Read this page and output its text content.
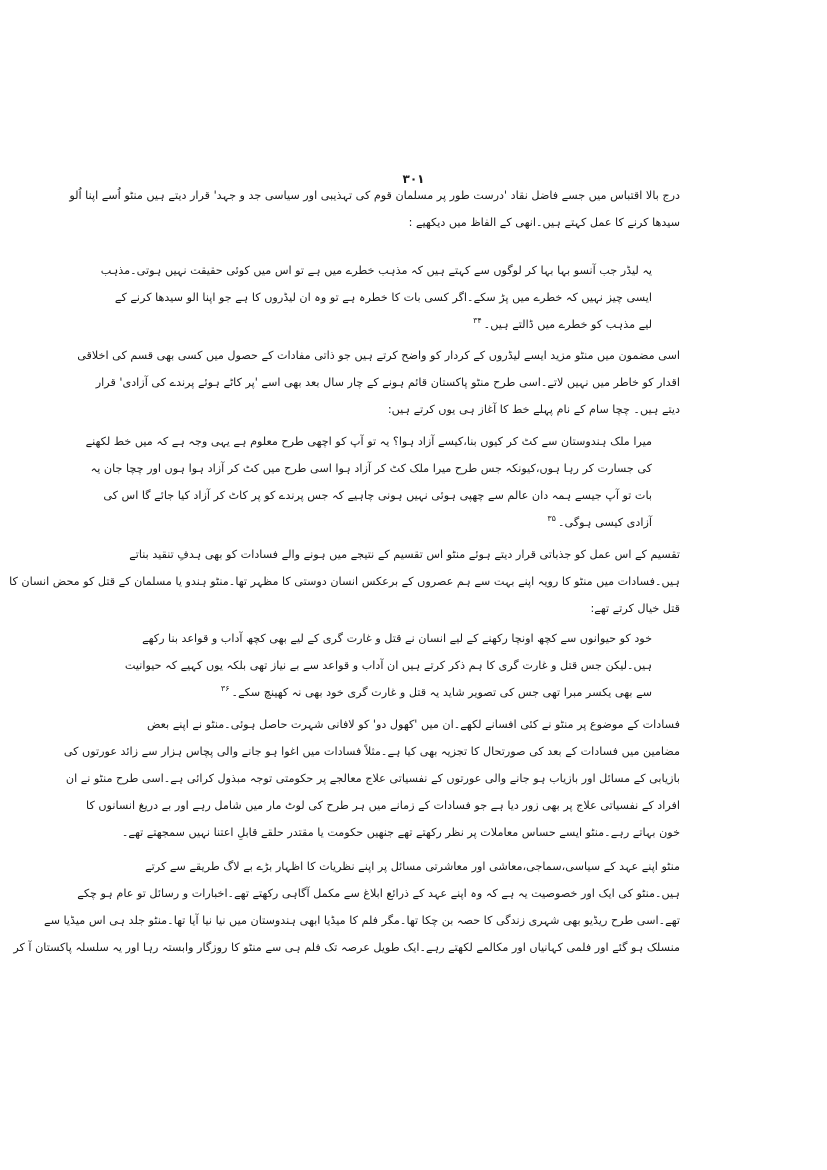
۳۰۱
درج بالا اقتباس میں جسے فاضل نقاد 'درست طور پر مسلمان قوم کی تہذیبی اور سیاسی جد و جہد' قرار دیتے ہیں منٹو اُسے اپنا اُلو
سیدھا کرنے کا عمل کہتے ہیں۔انھی کے الفاظ میں دیکھیے :
یہ لیڈر جب آنسو بہا بہا کر لوگوں سے کہتے ہیں کہ مذہب خطرے میں ہے تو اس میں کوئی حقیقت نہیں ہوتی۔مذہب
ایسی چیز نہیں کہ خطرے میں پڑ سکے۔اگر کسی بات کا خطرہ ہے تو وہ ان لیڈروں کا ہے جو اپنا الو سیدھا کرنے کے
لیے مذہب کو خطرے میں ڈالتے ہیں۔$^{۳۴}$
اسی مضمون میں منٹو مزید ایسے لیڈروں کے کردار کو واضح کرتے ہیں جو ذاتی مفادات کے حصول میں کسی بھی قسم کی اخلاقی
اقدار کو خاطر میں نہیں لاتے۔اسی طرح منٹو پاکستان قائم ہونے کے چار سال بعد بھی اسے 'پر کاٹے ہوئے پرندے کی آزادی' قرار
دیتے ہیں۔ چچا سام کے نام پہلے خط کا آغاز ہی یوں کرتے ہیں:
میرا ملک ہندوستان سے کٹ کر کیوں بنا،کیسے آزاد ہوا؟ یہ تو آپ کو اچھی طرح معلوم ہے یہی وجہ ہے کہ میں خط لکھنے
کی جسارت کر رہا ہوں،کیونکہ جس طرح میرا ملک کٹ کر آزاد ہوا اسی طرح میں کٹ کر آزاد ہوا ہوں اور چچا جان یہ
بات تو آپ جیسے ہمہ دان عالم سے چھپی ہوئی نہیں ہونی چاہیے کہ جس پرندے کو پر کاٹ کر آزاد کیا جائے گا اس کی
آزادی کیسی ہوگی۔$^{۳۵}$
تقسیم کے اس عمل کو جذباتی قرار دیتے ہوئے منٹو اس تقسیم کے نتیجے میں ہونے والے فسادات کو بھی ہدفِ تنقید بناتے
ہیں۔فسادات میں منٹو کا رویہ اپنے بہت سے ہم عصروں کے برعکس انسان دوستی کا مظہر تھا۔منٹو ہندو یا مسلمان کے قتل کو محض انسان کا
قتل خیال کرتے تھے:
خود کو حیوانوں سے کچھ اونچا رکھنے کے لیے انسان نے قتل و غارت گری کے لیے بھی کچھ آداب و قواعد بنا رکھے
ہیں۔لیکن جس قتل و غارت گری کا ہم ذکر کرتے ہیں ان آداب و قواعد سے بے نیاز تھی بلکہ یوں کہیے کہ حیوانیت
سے بھی یکسر مبرا تھی جس کی تصویر شاید یہ قتل و غارت گری خود بھی نہ کھینچ سکے۔$^{۳۶}$
فسادات کے موضوع پر منٹو نے کئی افسانے لکھے۔ان میں 'کھول دو' کو لافانی شہرت حاصل ہوئی۔منٹو نے اپنے بعض
مضامین میں فسادات کے بعد کی صورتحال کا تجزیہ بھی کیا ہے۔مثلاً فسادات میں اغوا ہو جانے والی پچاس ہزار سے زائد عورتوں کی
بازیابی کے مسائل اور بازیاب ہو جانے والی عورتوں کے نفسیاتی علاج معالجے پر حکومتی توجہ مبذول کرائی ہے۔اسی طرح منٹو نے ان
افراد کے نفسیاتی علاج پر بھی زور دیا ہے جو فسادات کے زمانے میں ہر طرح کی لوٹ مار میں شامل رہے اور بے دریغ انسانوں کا
خون بہاتے رہے۔منٹو ایسے حساس معاملات پر نظر رکھتے تھے جنھیں حکومت یا مقتدر حلقے قابلِ اعتنا نہیں سمجھتے تھے۔
منٹو اپنے عہد کے سیاسی،سماجی،معاشی اور معاشرتی مسائل پر اپنے نظریات کا اظہار بڑے بے لاگ طریقے سے کرتے
ہیں۔منٹو کی ایک اور خصوصیت یہ ہے کہ وہ اپنے عہد کے ذرائع ابلاغ سے مکمل آگاہی رکھتے تھے۔اخبارات و رسائل تو عام ہو چکے
تھے۔اسی طرح ریڈیو بھی شہری زندگی کا حصہ بن چکا تھا۔مگر فلم کا میڈیا ابھی ہندوستان میں نیا نیا آیا تھا۔منٹو جلد ہی اس میڈیا سے
منسلک ہو گئے اور فلمی کہانیاں اور مکالمے لکھتے رہے۔ایک طویل عرصہ تک فلم ہی سے منٹو کا روزگار وابستہ رہا اور یہ سلسلہ پاکستان آ کر
